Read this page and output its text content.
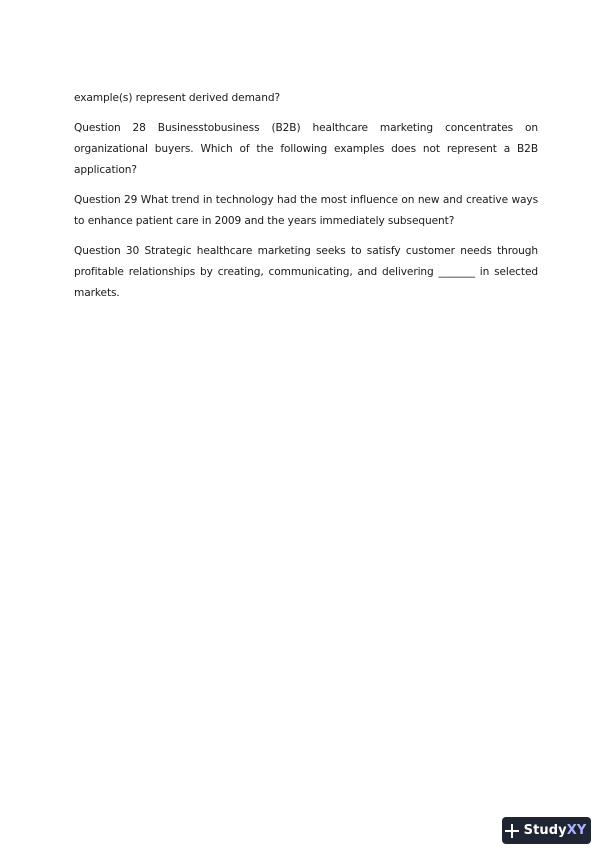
example(s) represent derived demand?

Question 28 Businesstobusiness (B2B) healthcare marketing concentrates on organizational buyers. Which of the following examples does not represent a B2B application?

Question 29 What trend in technology had the most influence on new and creative ways to enhance patient care in 2009 and the years immediately subsequent?

Question 30 Strategic healthcare marketing seeks to satisfy customer needs through profitable relationships by creating, communicating, and delivering _______ in selected markets.

StudyXY
